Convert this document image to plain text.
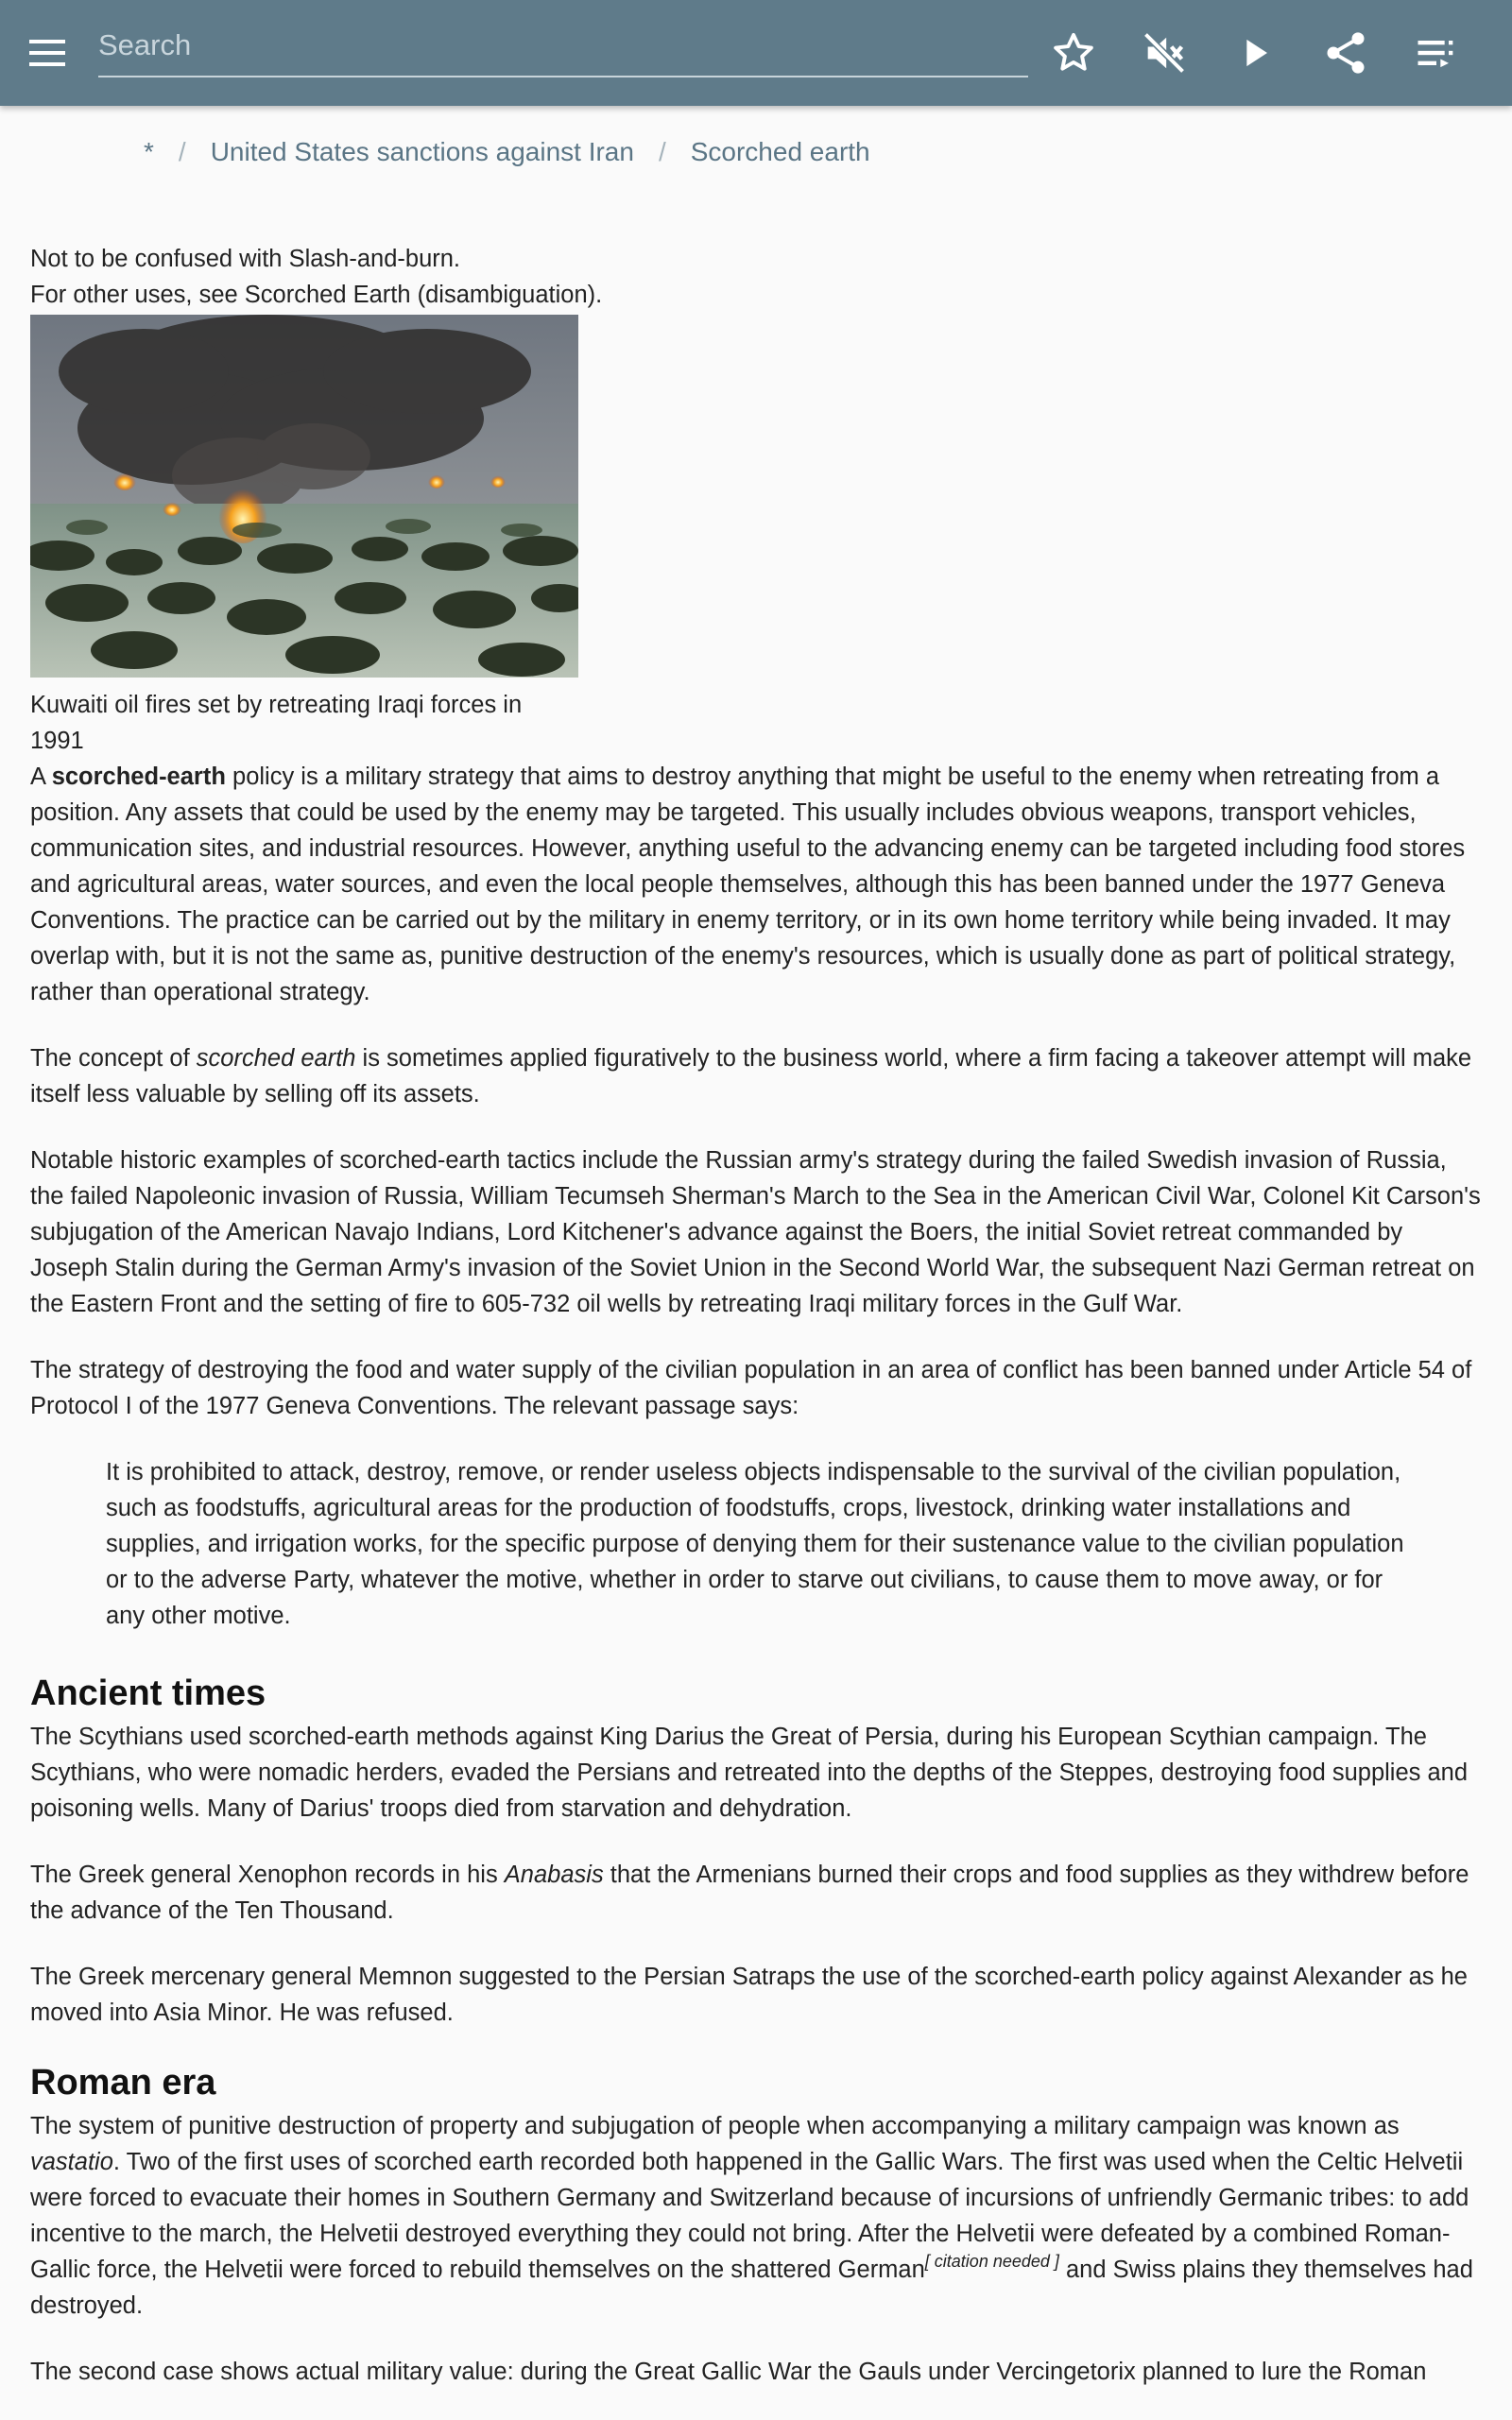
Search
* / United States sanctions against Iran / Scorched earth
Not to be confused with Slash-and-burn.
For other uses, see Scorched Earth (disambiguation).
Kuwaiti oil fires set by retreating Iraqi forces in 1991

A scorched-earth policy is a military strategy that aims to destroy anything that might be useful to the enemy when retreating from a position. Any assets that could be used by the enemy may be targeted. This usually includes obvious weapons, transport vehicles, communication sites, and industrial resources. However, anything useful to the advancing enemy can be targeted including food stores and agricultural areas, water sources, and even the local people themselves, although this has been banned under the 1977 Geneva Conventions. The practice can be carried out by the military in enemy territory, or in its own home territory while being invaded. It may overlap with, but it is not the same as, punitive destruction of the enemy's resources, which is usually done as part of political strategy, rather than operational strategy.

The concept of scorched earth is sometimes applied figuratively to the business world, where a firm facing a takeover attempt will make itself less valuable by selling off its assets.

Notable historic examples of scorched-earth tactics include the Russian army's strategy during the failed Swedish invasion of Russia, the failed Napoleonic invasion of Russia, William Tecumseh Sherman's March to the Sea in the American Civil War, Colonel Kit Carson's subjugation of the American Navajo Indians, Lord Kitchener's advance against the Boers, the initial Soviet retreat commanded by Joseph Stalin during the German Army's invasion of the Soviet Union in the Second World War, the subsequent Nazi German retreat on the Eastern Front and the setting of fire to 605-732 oil wells by retreating Iraqi military forces in the Gulf War.

The strategy of destroying the food and water supply of the civilian population in an area of conflict has been banned under Article 54 of Protocol I of the 1977 Geneva Conventions. The relevant passage says:

It is prohibited to attack, destroy, remove, or render useless objects indispensable to the survival of the civilian population, such as foodstuffs, agricultural areas for the production of foodstuffs, crops, livestock, drinking water installations and supplies, and irrigation works, for the specific purpose of denying them for their sustenance value to the civilian population or to the adverse Party, whatever the motive, whether in order to starve out civilians, to cause them to move away, or for any other motive.
Ancient times

The Scythians used scorched-earth methods against King Darius the Great of Persia, during his European Scythian campaign. The Scythians, who were nomadic herders, evaded the Persians and retreated into the depths of the Steppes, destroying food supplies and poisoning wells. Many of Darius' troops died from starvation and dehydration.

The Greek general Xenophon records in his Anabasis that the Armenians burned their crops and food supplies as they withdrew before the advance of the Ten Thousand.

The Greek mercenary general Memnon suggested to the Persian Satraps the use of the scorched-earth policy against Alexander as he moved into Asia Minor. He was refused.

Roman era

The system of punitive destruction of property and subjugation of people when accompanying a military campaign was known as vastatio. Two of the first uses of scorched earth recorded both happened in the Gallic Wars. The first was used when the Celtic Helvetii were forced to evacuate their homes in Southern Germany and Switzerland because of incursions of unfriendly Germanic tribes: to add incentive to the march, the Helvetii destroyed everything they could not bring. After the Helvetii were defeated by a combined Roman-Gallic force, the Helvetii were forced to rebuild themselves on the shattered German[ citation needed ] and Swiss plains they themselves had destroyed.

The second case shows actual military value: during the Great Gallic War the Gauls under Vercingetorix planned to lure the Roman
